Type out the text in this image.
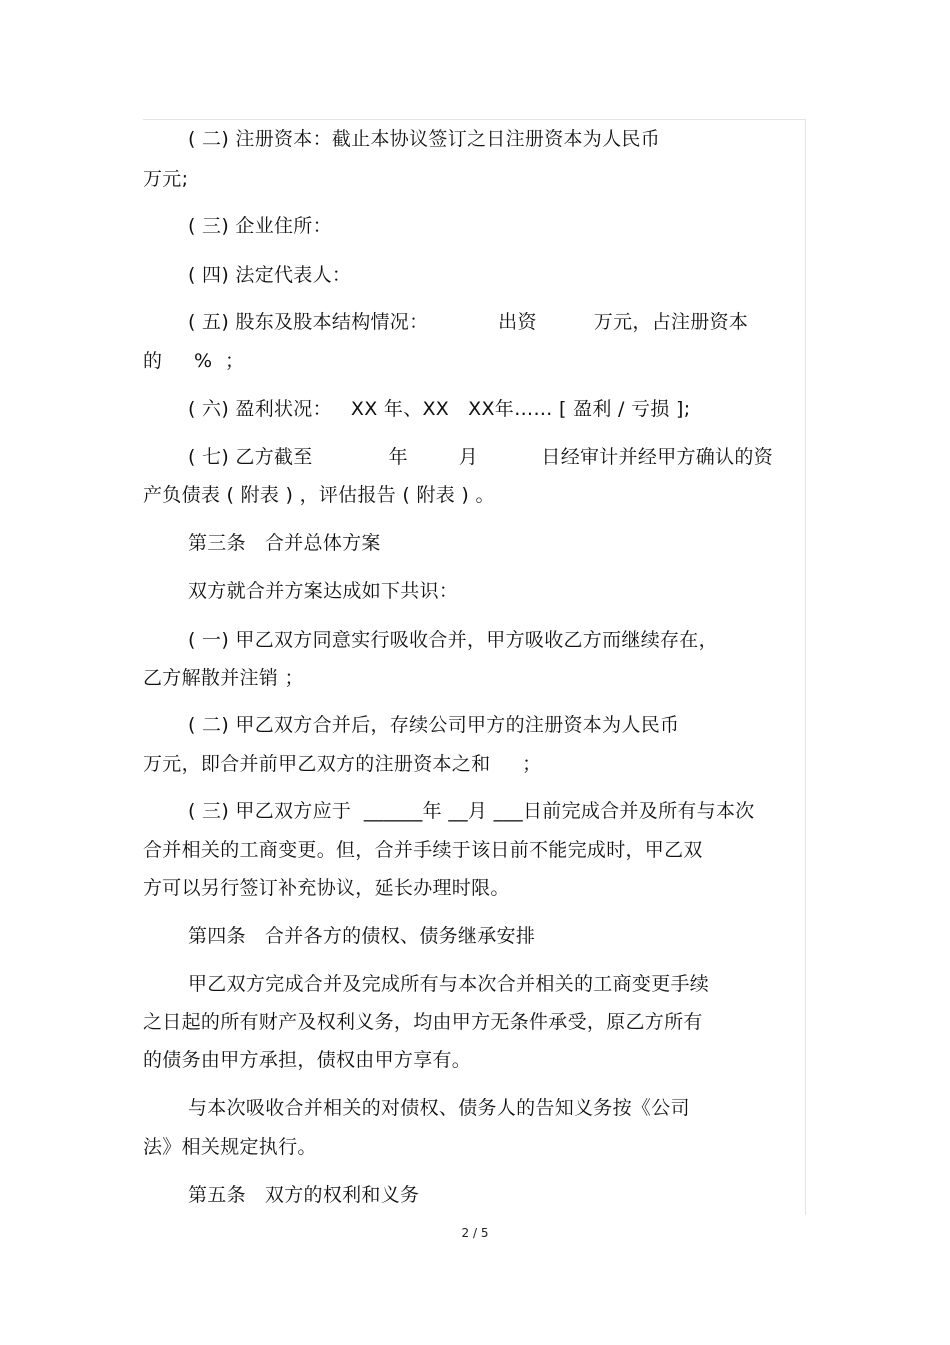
( 二) 注册资本：截止本协议签订之日注册资本为人民币
万元;
( 三) 企业住所：
( 四) 法定代表人：
( 五) 股东及股本结构情况：           出资         万元，占注册资本
的     %  ；
( 六) 盈利状况：   XX 年、XX   XX年…… [ 盈利 / 亏损 ];
( 七) 乙方截至            年        月          日经审计并经甲方确认的资
产负债表 ( 附表 ) ，评估报告 ( 附表 ) 。
第三条   合并总体方案
双方就合并方案达成如下共识：
( 一) 甲乙双方同意实行吸收合并，甲方吸收乙方而继续存在，
乙方解散并注销 ；
( 二) 甲乙双方合并后，存续公司甲方的注册资本为人民币
万元，即合并前甲乙双方的注册资本之和     ；
( 三) 甲乙双方应于  ______年 __月 ___日前完成合并及所有与本次
合并相关的工商变更。但，合并手续于该日前不能完成时，甲乙双
方可以另行签订补充协议，延长办理时限。
第四条   合并各方的债权、债务继承安排
甲乙双方完成合并及完成所有与本次合并相关的工商变更手续
之日起的所有财产及权利义务，均由甲方无条件承受，原乙方所有
的债务由甲方承担，债权由甲方享有。
与本次吸收合并相关的对债权、债务人的告知义务按《公司
法》相关规定执行。
第五条   双方的权利和义务
2 / 5
